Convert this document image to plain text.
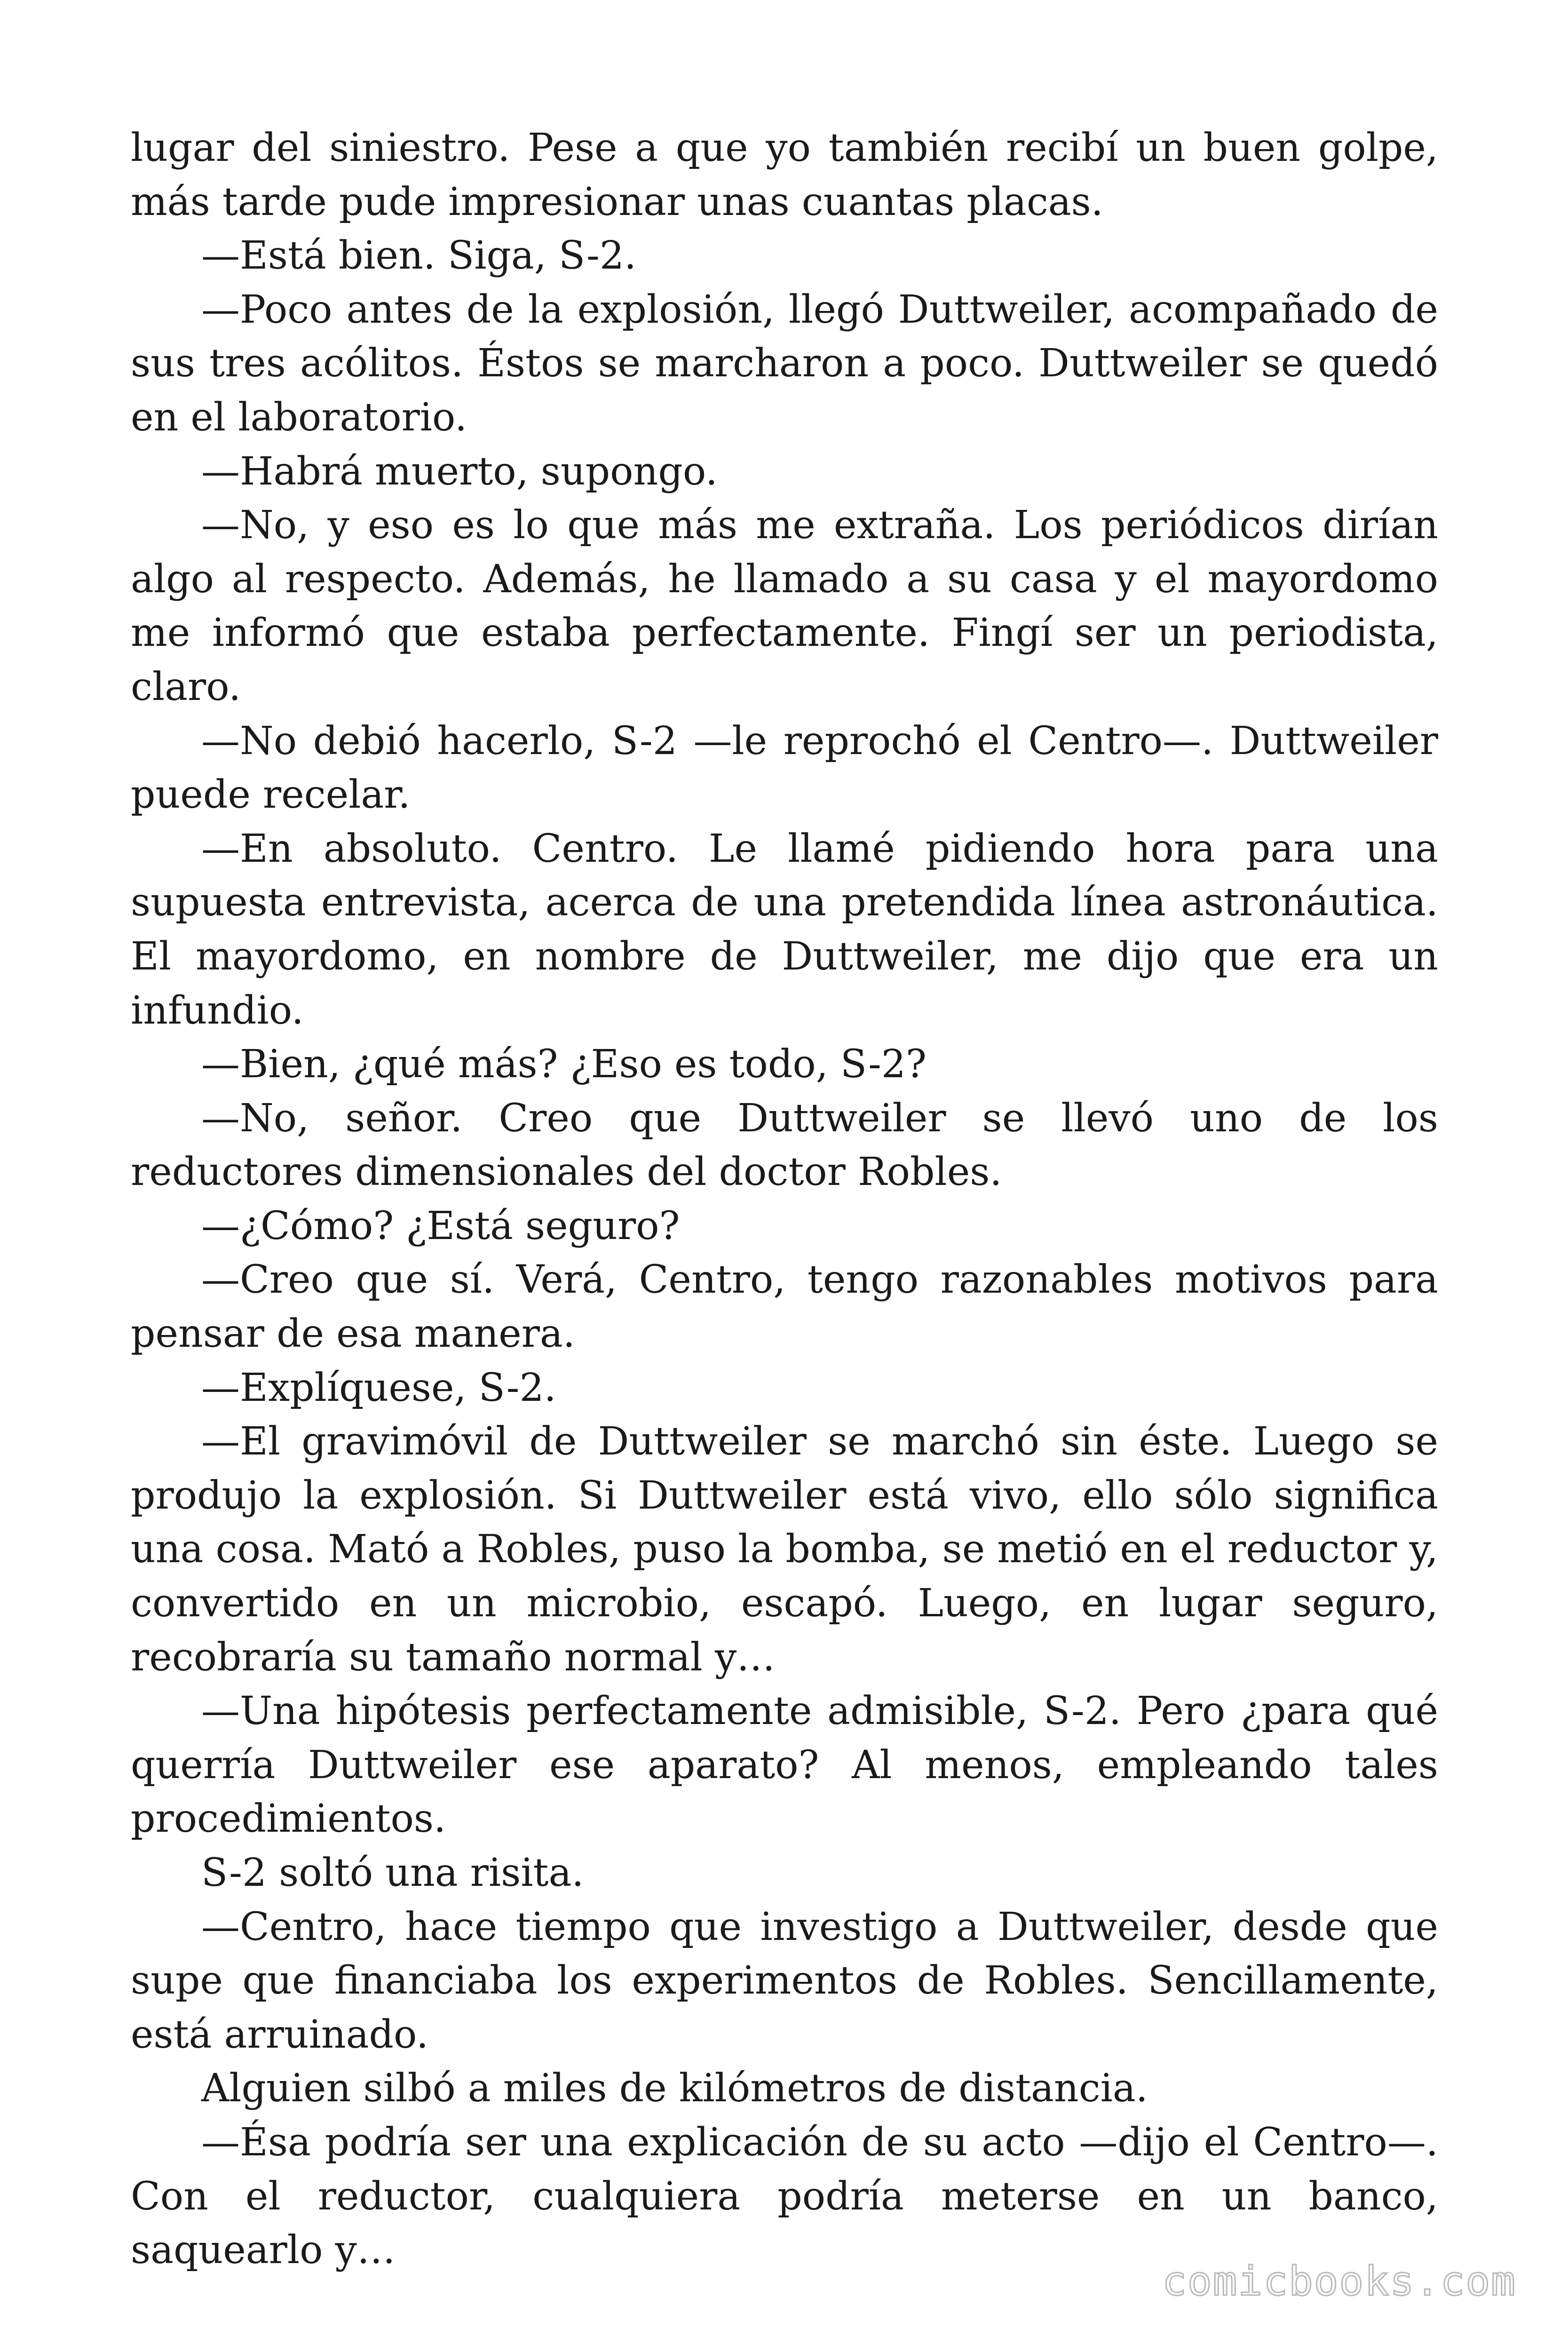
lugar del siniestro. Pese a que yo también recibí un buen golpe, más tarde pude impresionar unas cuantas placas.

—Está bien. Siga, S-2.

—Poco antes de la explosión, llegó Duttweiler, acompañado de sus tres acólitos. Éstos se marcharon a poco. Duttweiler se quedó en el laboratorio.

—Habrá muerto, supongo.

—No, y eso es lo que más me extraña. Los periódicos dirían algo al respecto. Además, he llamado a su casa y el mayordomo me informó que estaba perfectamente. Fingí ser un periodista, claro.

—No debió hacerlo, S-2 —le reprochó el Centro—. Duttweiler puede recelar.

—En absoluto. Centro. Le llamé pidiendo hora para una supuesta entrevista, acerca de una pretendida línea astronáutica. El mayordomo, en nombre de Duttweiler, me dijo que era un infundio.

—Bien, ¿qué más? ¿Eso es todo, S-2?

—No, señor. Creo que Duttweiler se llevó uno de los reductores dimensionales del doctor Robles.

—¿Cómo? ¿Está seguro?

—Creo que sí. Verá, Centro, tengo razonables motivos para pensar de esa manera.

—Explíquese, S-2.

—El gravimóvil de Duttweiler se marchó sin éste. Luego se produjo la explosión. Si Duttweiler está vivo, ello sólo significa una cosa. Mató a Robles, puso la bomba, se metió en el reductor y, convertido en un microbio, escapó. Luego, en lugar seguro, recobraría su tamaño normal y…

—Una hipótesis perfectamente admisible, S-2. Pero ¿para qué querría Duttweiler ese aparato? Al menos, empleando tales procedimientos.

S-2 soltó una risita.

—Centro, hace tiempo que investigo a Duttweiler, desde que supe que financiaba los experimentos de Robles. Sencillamente, está arruinado.

Alguien silbó a miles de kilómetros de distancia.

—Ésa podría ser una explicación de su acto —dijo el Centro—. Con el reductor, cualquiera podría meterse en un banco, saquearlo y…

comicbooks.com
